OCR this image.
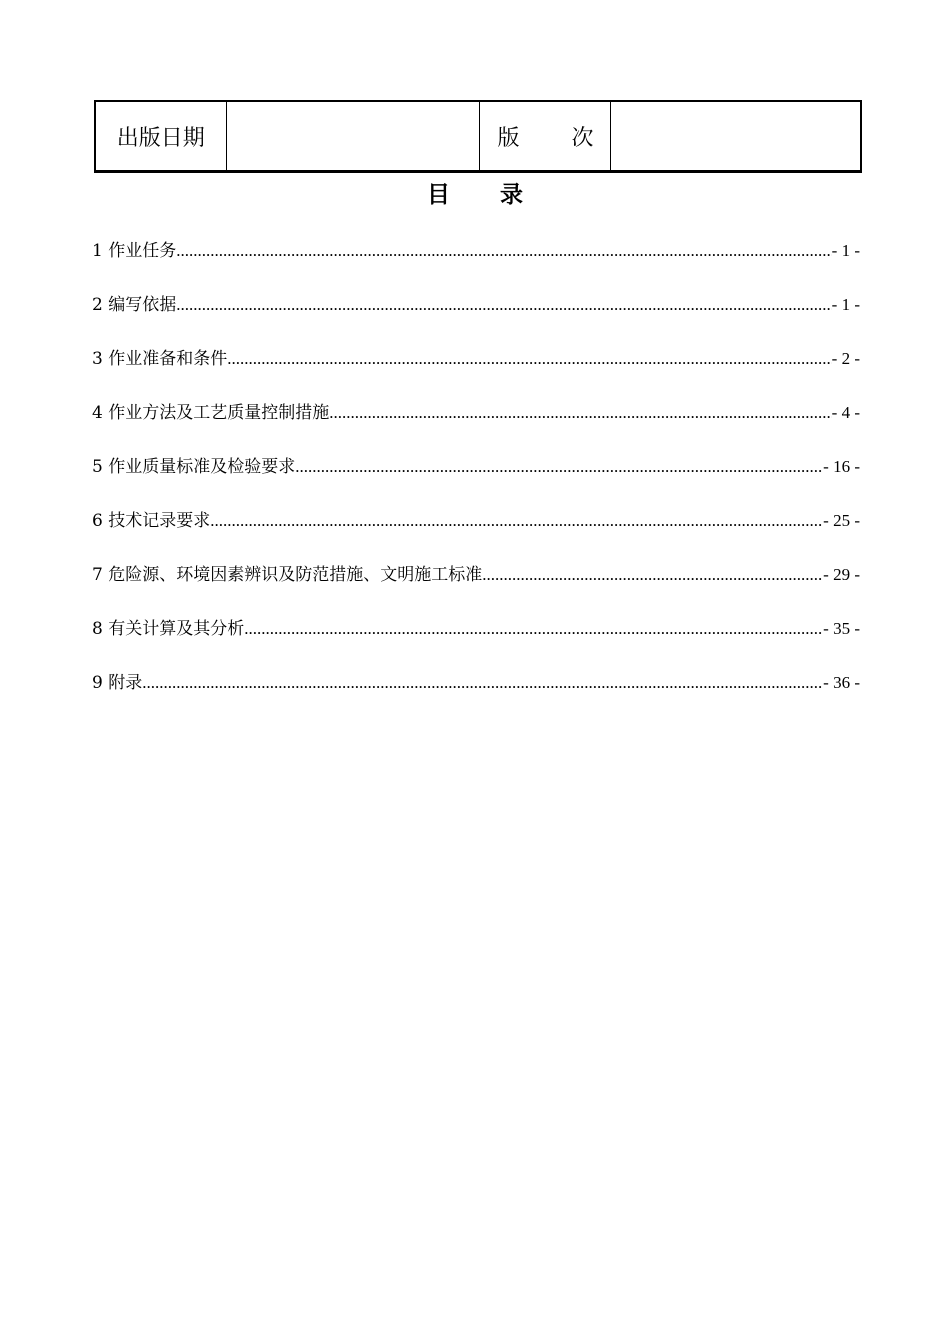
出版日期		版 次

目 录
1 作业任务 .....	- 1 -
2 编写依据 .....	- 1 -
3 作业准备和条件 .....	- 2 -
4 作业方法及工艺质量控制措施 .....	- 4 -
5 作业质量标准及检验要求 .....	- 16 -
6 技术记录要求 .....	- 25 -
7 危险源、环境因素辨识及防范措施、文明施工标准 .....	- 29 -
8 有关计算及其分析 .....	- 35 -
9 附录 .....	- 36 -
